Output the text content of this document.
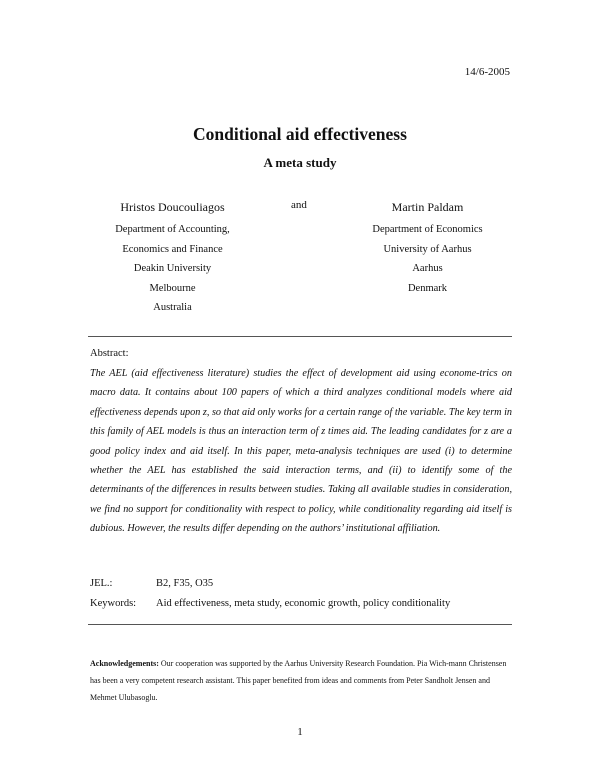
14/6-2005
Conditional aid effectiveness
A meta study
Hristos Doucouliagos
Department of Accounting,
Economics and Finance
Deakin University
Melbourne
Australia
and	Martin Paldam
Department of Economics
University of Aarhus
Aarhus
Denmark
Abstract:
The AEL (aid effectiveness literature) studies the effect of development aid using econome-trics on macro data. It contains about 100 papers of which a third analyzes conditional models where aid effectiveness depends upon z, so that aid only works for a certain range of the variable. The key term in this family of AEL models is thus an interaction term of z times aid. The leading candidates for z are a good policy index and aid itself. In this paper, meta-analysis techniques are used (i) to determine whether the AEL has established the said interaction terms, and (ii) to identify some of the determinants of the differences in results between studies. Taking all available studies in consideration, we find no support for conditionality with respect to policy, while conditionality regarding aid itself is dubious. However, the results differ depending on the authors’ institutional affiliation.
JEL.:	B2, F35, O35
Keywords: Aid effectiveness, meta study, economic growth, policy conditionality
Acknowledgements: Our cooperation was supported by the Aarhus University Research Foundation. Pia Wich-mann Christensen has been a very competent research assistant. This paper benefited from ideas and comments from Peter Sandholt Jensen and Mehmet Ulubasoglu.
1
